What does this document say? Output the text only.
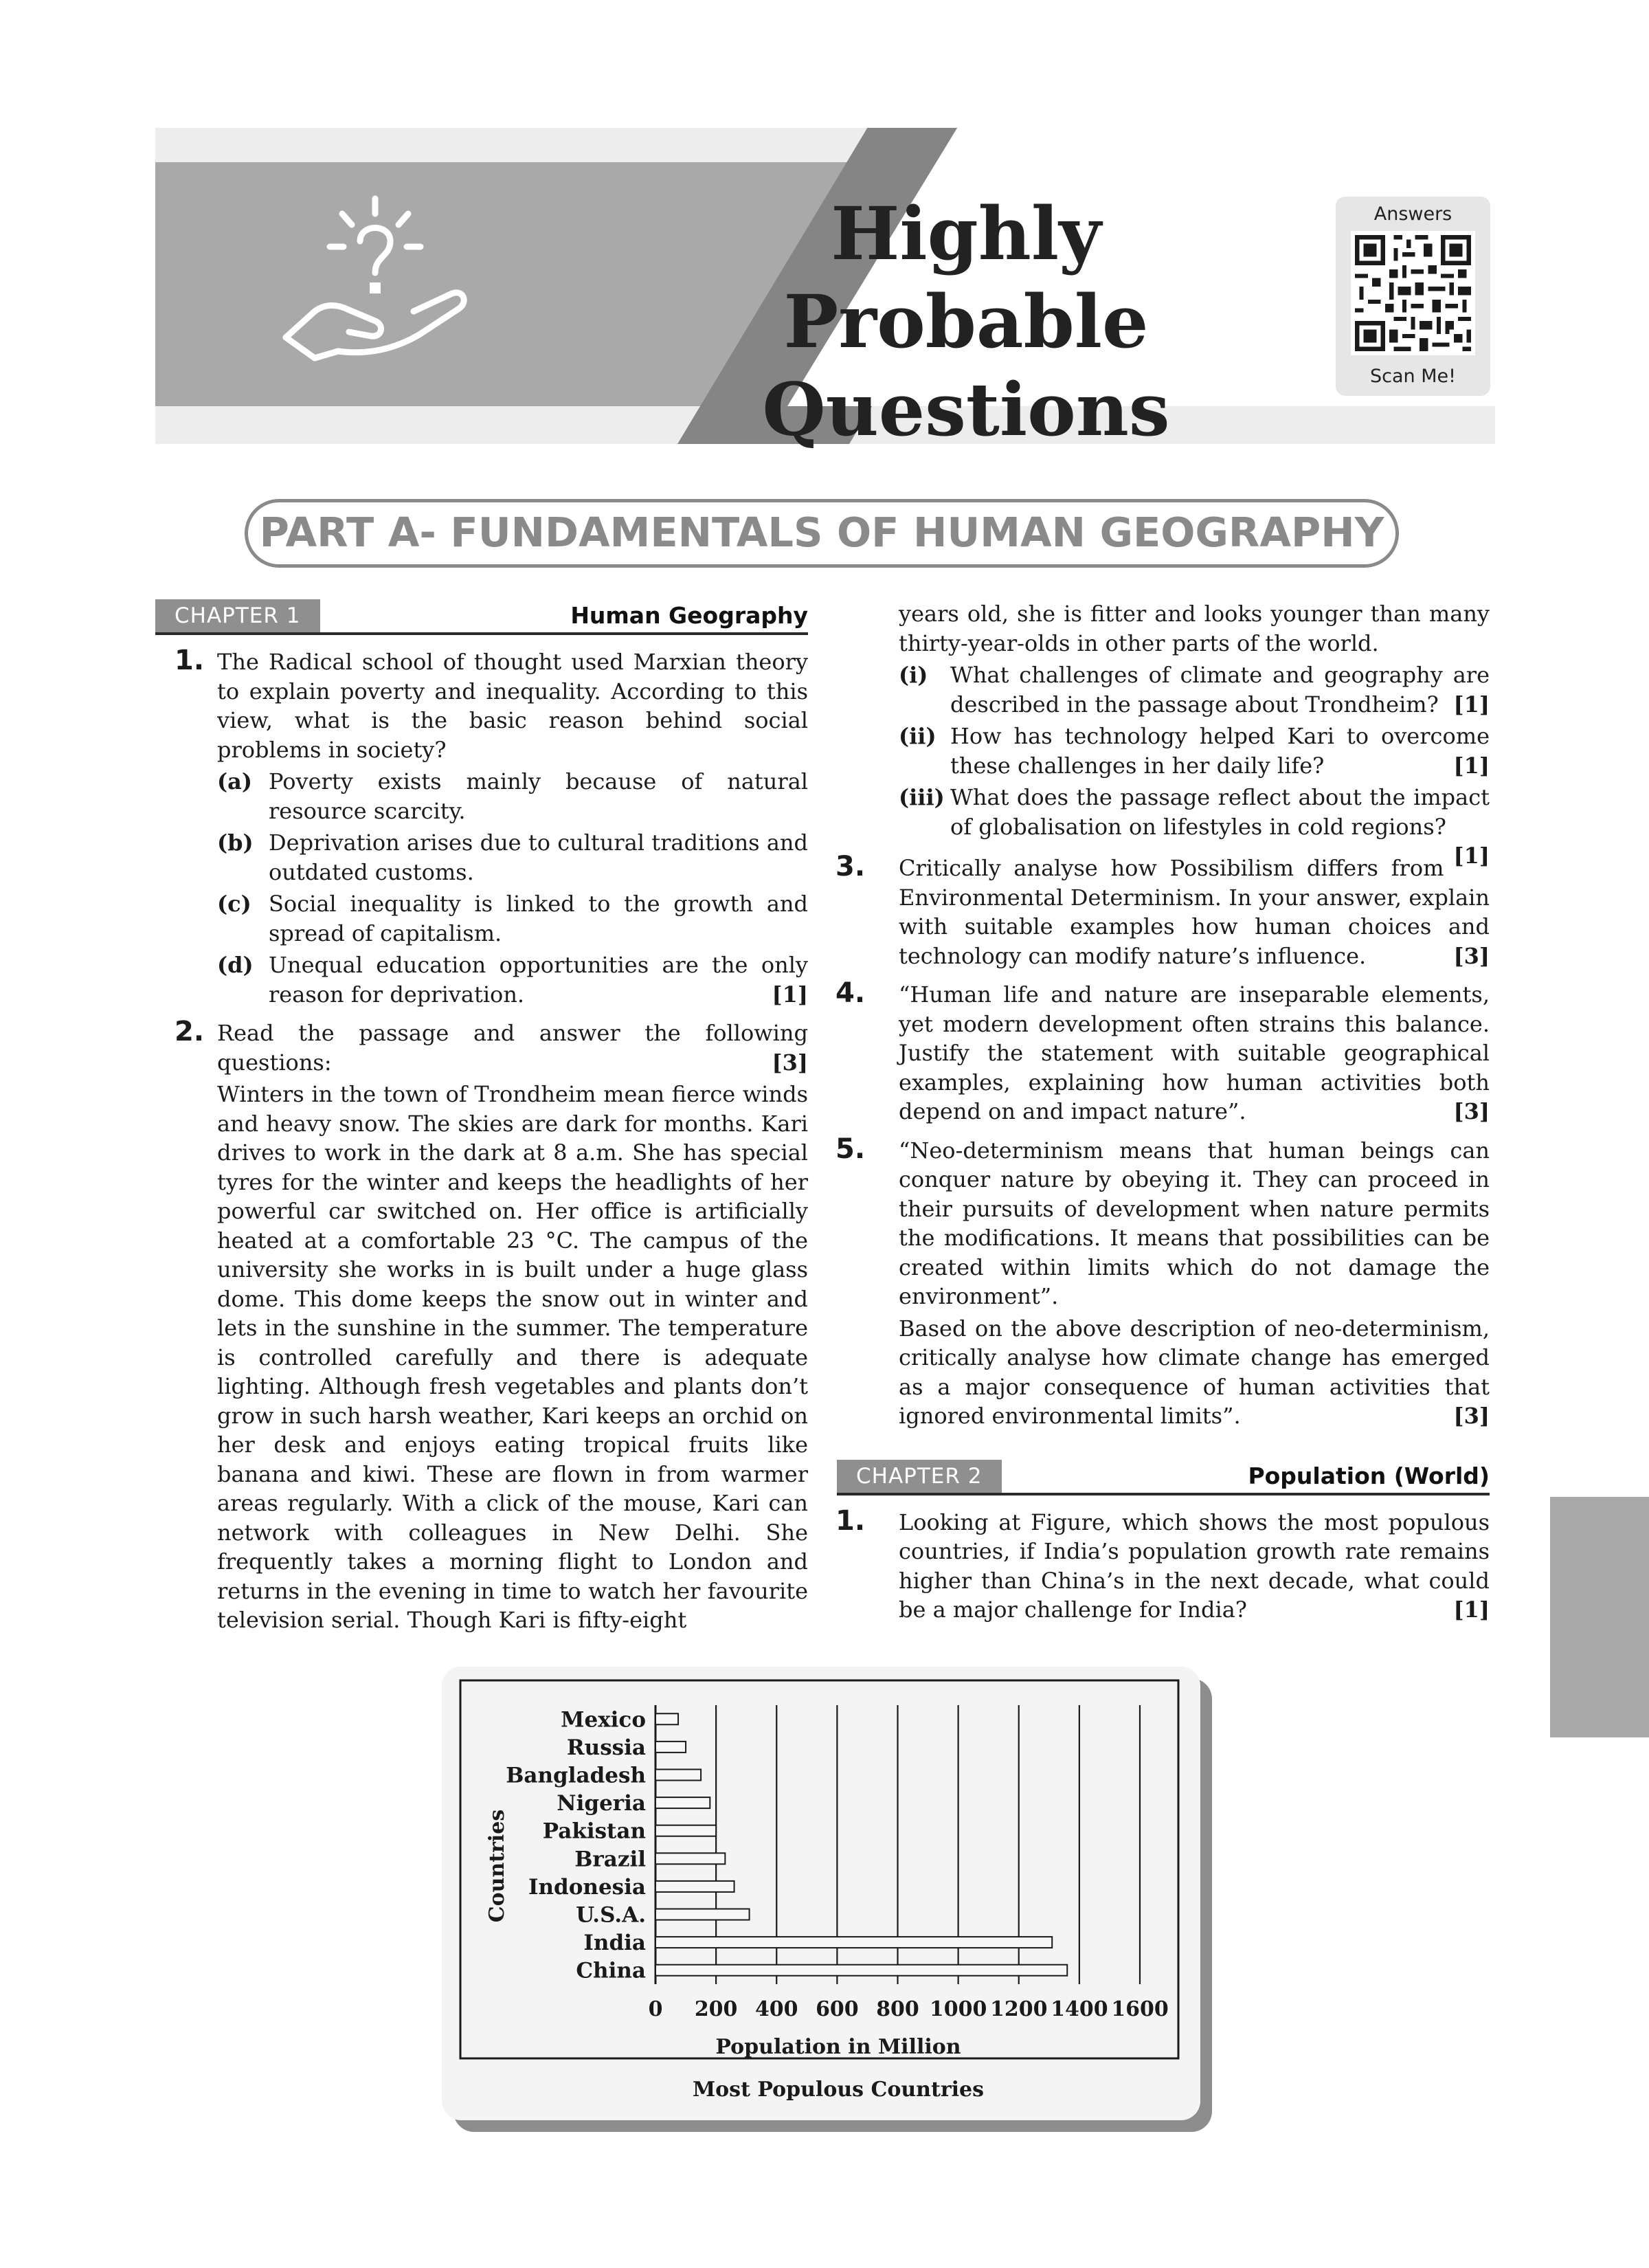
Highly Probable
Questions
Answers
Scan Me!
PART A- FUNDAMENTALS OF HUMAN GEOGRAPHY
CHAPTER 1	Human Geography
1. The Radical school of thought used Marxian theory to explain poverty and inequality. According to this view, what is the basic reason behind social problems in society?
(a) Poverty exists mainly because of natural resource scarcity.
(b) Deprivation arises due to cultural traditions and outdated customs.
(c) Social inequality is linked to the growth and spread of capitalism.
(d) Unequal education opportunities are the only reason for deprivation.	[1]
2. Read the passage and answer the following questions:	[3]
Winters in the town of Trondheim mean fierce winds and heavy snow. The skies are dark for months. Kari drives to work in the dark at 8 a.m. She has special tyres for the winter and keeps the headlights of her powerful car switched on. Her office is artificially heated at a comfortable 23 °C. The campus of the university she works in is built under a huge glass dome. This dome keeps the snow out in winter and lets in the sunshine in the summer. The temperature is controlled carefully and there is adequate lighting. Although fresh vegetables and plants don’t grow in such harsh weather, Kari keeps an orchid on her desk and enjoys eating tropical fruits like banana and kiwi. These are flown in from warmer areas regularly. With a click of the mouse, Kari can network with colleagues in New Delhi. She frequently takes a morning flight to London and returns in the evening in time to watch her favourite television serial. Though Kari is fifty-eight
years old, she is fitter and looks younger than many thirty-year-olds in other parts of the world.
(i) What challenges of climate and geography are described in the passage about Trondheim? [1]
(ii) How has technology helped Kari to overcome these challenges in her daily life?	[1]
(iii) What does the passage reflect about the impact of globalisation on lifestyles in cold regions?
[1]
3. Critically analyse how Possibilism differs from Environmental Determinism. In your answer, explain with suitable examples how human choices and technology can modify nature’s influence.	[3]
4. “Human life and nature are inseparable elements, yet modern development often strains this balance. Justify the statement with suitable geographical examples, explaining how human activities both depend on and impact nature”.	[3]
5. “Neo-determinism means that human beings can conquer nature by obeying it. They can proceed in their pursuits of development when nature permits the modifications. It means that possibilities can be created within limits which do not damage the environment”.
Based on the above description of neo-determinism, critically analyse how climate change has emerged as a major consequence of human activities that ignored environmental limits”.	[3]
CHAPTER 2	Population (World)
1. Looking at Figure, which shows the most populous countries, if India’s population growth rate remains higher than China’s in the next decade, what could be a major challenge for India?	[1]
0 200 400 600 800 1000 1200 1400 1600
Mexico
Russia
Bangladesh
Nigeria
Pakistan
Brazil
Indonesia
U.S.A.
India
China
Population in Million
Countries
Most Populous Countries
